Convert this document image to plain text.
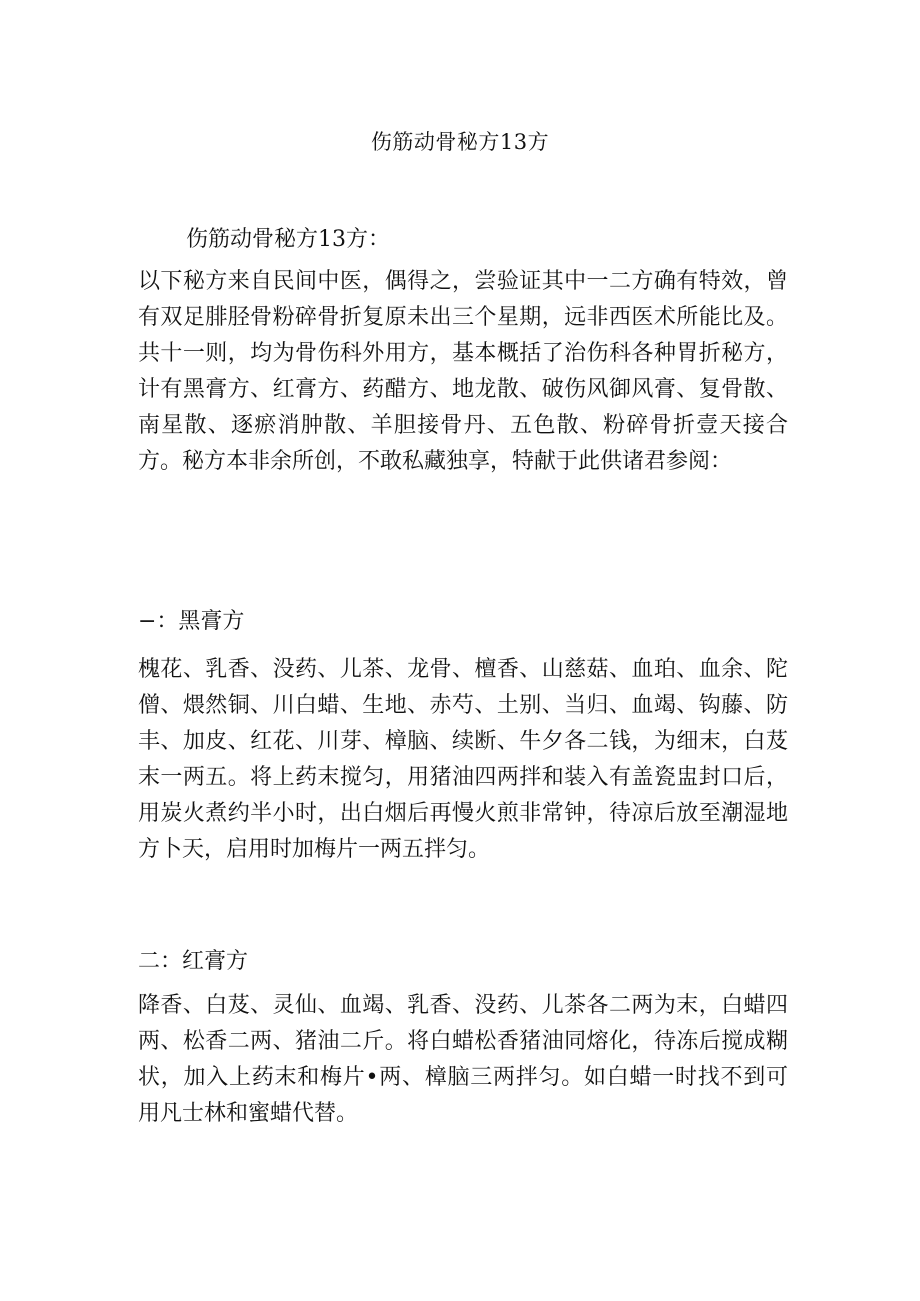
伤筋动骨秘方13方
伤筋动骨秘方13方：

以下秘方来自民间中医，偶得之，尝验证其中一二方确有特效，曾有双足腓胫骨粉碎骨折复原未出三个星期，远非西医术所能比及。共十一则，均为骨伤科外用方，基本概括了治伤科各种胃折秘方，计有黑膏方、红膏方、药醋方、地龙散、破伤风御风膏、复骨散、南星散、逐瘀消肿散、羊胆接骨丹、五色散、粉碎骨折壹天接合方。秘方本非余所创，不敢私藏独享，特献于此供诸君参阅：

−：黑膏方

槐花、乳香、没药、儿茶、龙骨、檀香、山慈菇、血珀、血余、陀僧、煨然铜、川白蜡、生地、赤芍、土别、当归、血竭、钩藤、防丰、加皮、红花、川芽、樟脑、续断、牛夕各二钱，为细末，白芨末一两五。将上药末搅匀，用猪油四两拌和装入有盖瓷盅封口后，用炭火煮约半小时，出白烟后再慢火煎非常钟，待凉后放至潮湿地方卜天，启用时加梅片一两五拌匀。

二：红膏方

降香、白芨、灵仙、血竭、乳香、没药、儿茶各二两为末，白蜡四两、松香二两、猪油二斤。将白蜡松香猪油同熔化，待冻后搅成糊状，加入上药末和梅片•两、樟脑三两拌匀。如白蜡一时找不到可用凡士林和蜜蜡代替。
